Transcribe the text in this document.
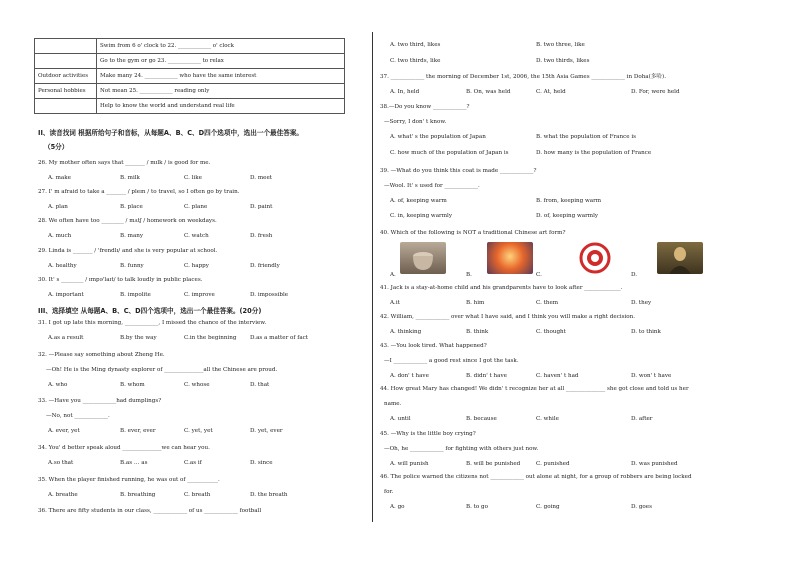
	Swim from 6 o' clock to 22. ____________ o' clock
	Go to the gym or go 23. ____________ to relax
Outdoor activities	Make many 24. ____________ who have the same interest
Personal hobbies	Not mean 25. ____________ reading only
	Help to know the world and understand real life
II、读音找词 根据所给句子和音标，从每题A、B、C、D四个选项中，选出一个最佳答案。
（5分）
26. My mother often says that _______ / mɪlk / is good for me.
A. make	B. milk	C. like	D. meet
27. I' m afraid to take a _______ / pleɪn / to travel, so I often go by train.
A. plan	B. place	C. plane	D. paint
28. We often have too ________ / mʌtʃ / homework on weekdays.
A. much	B. many	C. watch	D. fresh
29. Linda is _______ / 'frendlɪ/ and she is very popular at school.
A. healthy	B. funny	C. happy	D. friendly
30. It' s ________ / ɪmpə'laɪt/ to talk loudly in public places.
A. important	B. impolite	C. improve	D. impossible
III、选择填空 从每题A、B、C、D四个选项中，选出一个最佳答案。(20分)
31. I got up late this morning, ____________, I missed the chance of the interview.
A.as a result	B.by the way	C.in the beginning D.as a matter of fact
32. —Please say something about Zheng He.
—Oh! He is the Ming dynasty explorer of ______________all the Chinese are proud.
A. who	B. whom	C. whose	D. that
33. —Have you ____________had dumplings?
—No, not ____________.
A. ever, yet	B. ever, ever	C. yet, yet	D. yet, ever
34. You' d better speak aloud ______________we can hear you.
A.so that	B.as … as	C.as if	D. since
35. When the player finished running, he was out of ___________.
A. breathe	B. breathing	C. breath	D. the breath
36. There are fifty students in our class, ____________ of us ____________ football
A. two third, likes	B. two three, like
C. two thirds, like	D. two thirds, likes
37. ____________ the morning of December 1st, 2006, the 15th Asia Games ____________ in Doha(多哈).
A. In, held	B. On, was held	C. At, held	D. For, were held
38.—Do you know ____________?
—Sorry, I don' t know.
A. what' s the population of Japan	B. what the population of France is
C. how much of the population of Japan is	D. how many is the population of France
39. —What do you think this coat is made ____________?
—Wool. It' s used for ____________.
A. of, keeping warm	B. from, keeping warm
C. in, keeping warmly	D. of, keeping warmly
40. Which of the following is NOT a traditional Chinese art form?
A.	B.	C.	D.
41. Jack is a stay-at-home child and his grandparents have to look after _____________.
A.it	B. him	C. them	D. they
42. William, ____________ over what I have said, and I think you will make a right decision.
A. thinking	B. think	C. thought	D. to think
43. —You look tired. What happened?
—I ____________ a good rest since I got the task.
A. don' t have	B. didn' t have	C. haven' t had	D. won' t have
44. How great Mary has changed! We didn' t recognize her at all ______________ she got close and told us her
name.
A. until	B. because	C. while	D. after
45. —Why is the little boy crying?
—Oh, he ____________ for fighting with others just now.
A. will punish	B. will be punished	C. punished	D. was punished
46. The police warned the citizens not ____________ out alone at night, for a group of robbers are being locked
for.
A. go	B. to go	C. going	D. goes
